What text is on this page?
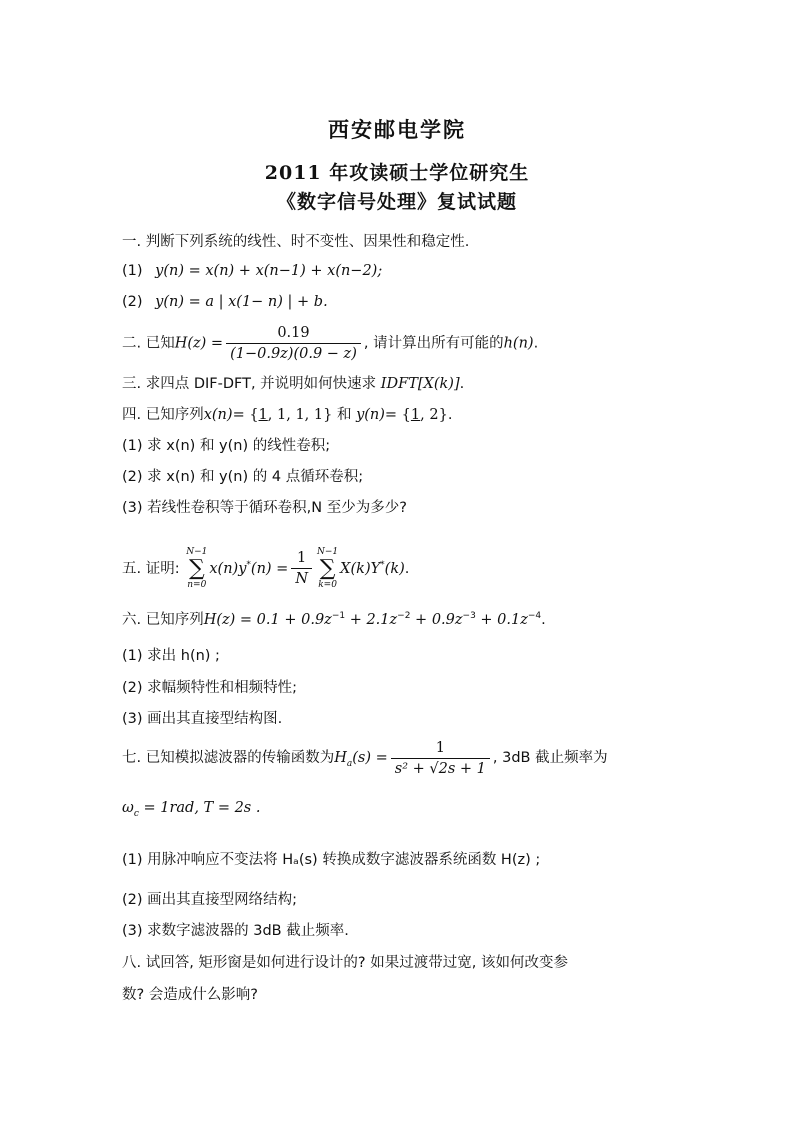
西安邮电学院
2011 年攻读硕士学位研究生
《数字信号处理》复试试题
一. 判断下列系统的线性、时不变性、因果性和稳定性.
(1) y(n) = x(n) + x(n−1) + x(n−2);
(2) y(n) = a | x(1− n) | + b.
二. 已知$H(z) = \frac{0.19}{(1-0.9z)(0.9 - z)}$ , 请计算出所有可能的h(n).
三. 求四点 DIF-DFT, 并说明如何快速求 IDFT[X(k)].
四. 已知序列x(n)= {1, 1, 1, 1} 和 y(n)= {1, 2}.
(1) 求 x(n) 和 y(n) 的线性卷积;
(2) 求 x(n) 和 y(n) 的 4 点循环卷积;
(3) 若线性卷积等于循环卷积,N 至少为多少?
五. 证明:
N−1
∑
n=0
$x(n)y^*(n) = \frac{1}{N} N-1$
∑
k=0
X(k)Y*(k).
六. 已知序列$H(z) = 0.1 + 0.9z^{-1} + 2.1z^{-2} + 0.9z^{-3} + 0.1z^{-4}$.
(1) 求出 h(n) ;
(2) 求幅频特性和相频特性;
(3) 画出其直接型结构图.
七. 已知模拟滤波器的传输函数为$H_a(s) = \frac{1}{\text{s² + √2s + 1}}$ , 3dB 截止频率为
$\omega_c = 1rad$, T = 2s .
(1) 用脉冲响应不变法将 Hₐ(s) 转换成数字滤波器系统函数 H(z) ;
(2) 画出其直接型网络结构;
(3) 求数字滤波器的 3dB 截止频率.
八. 试回答, 矩形窗是如何进行设计的? 如果过渡带过宽, 该如何改变参
数? 会造成什么影响?
